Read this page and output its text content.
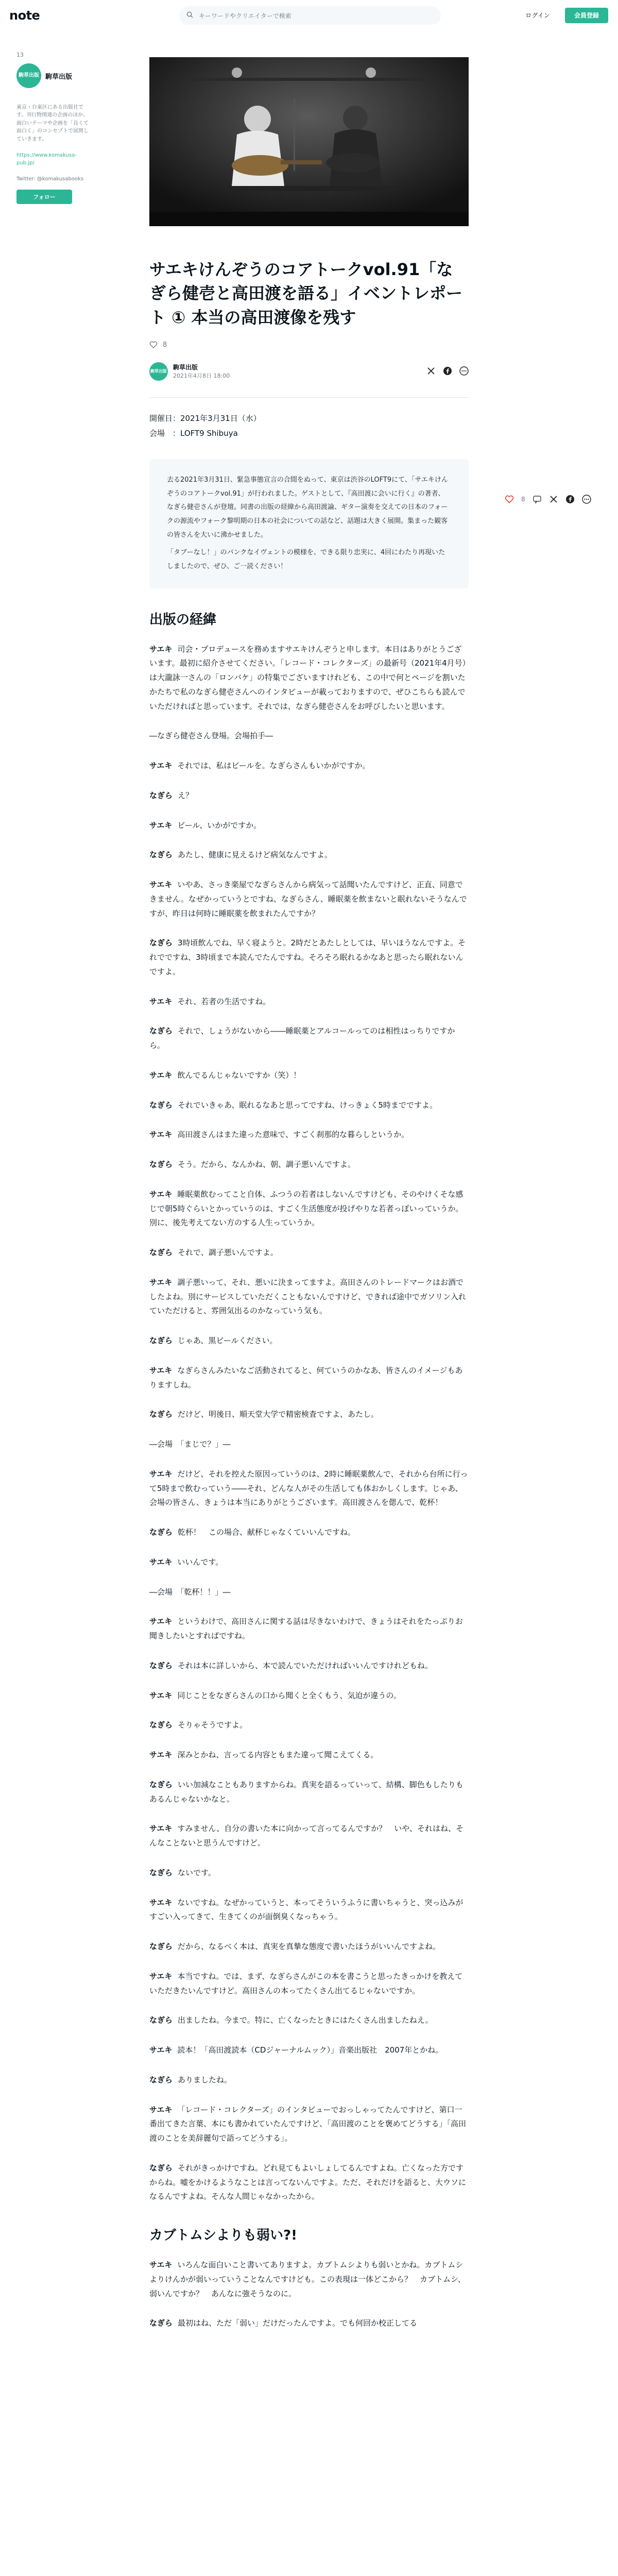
note	キーワードやクリエイターで検索	ログイン	会員登録
13
駒草出版 駒草出版

東京・台東区にある出版社です。刊行物関連の企画のほか、面白いテーマや企画を「良くて面白く」のコンセプトで展開していきます。

https://www.komakusa-pub.jp/

Twitter: @komakusabooks

フォロー
サエキけんぞうのコアトークvol.91「なぎら健壱と高田渡を語る」イベントレポート ① 本当の高田渡像を残す
8
駒草出版
駒草出版
2021年4月8日 18:00

開催日：2021年3月31日（水）

会場　：LOFT9 Shibuya

去る2021年3月31日、緊急事態宣言の合間をぬって、東京は渋谷のLOFT9にて、「サエキけんぞうのコアトークvol.91」が行われました。ゲストとして、『高田渡に会いに行く』の著者、なぎら健壱さんが登壇。同書の出版の経緯から高田渡論、ギター演奏を交えての日本のフォークの源流やフォーク黎明期の日本の社会についての話など、話題は大きく展開。集まった観客の皆さんを大いに沸かせました。

「タブーなし！」のパンクなイヴェントの模様を、できる限り忠実に、4回にわたり再現いたしましたので、ぜひ、ご一読ください！

出版の経緯

サエキ 司会・プロデュースを務めますサエキけんぞうと申します。本日はありがとうございます。最初に紹介させてください。「レコード・コレクターズ」の最新号（2021年4月号）は大瀧詠一さんの「ロンバケ」の特集でございますけれども、この中で何とページを割いたかたちで私のなぎら健壱さんへのインタビューが載っておりますので、ぜひこちらも読んでいただければと思っています。それでは、なぎら健壱さんをお呼びしたいと思います。

―なぎら健壱さん登場。会場拍手―

サエキ それでは、私はビールを。なぎらさんもいかがですか。

なぎら え？

サエキ ビール、いかがですか。

なぎら あたし、健康に見えるけど病気なんですよ。

サエキ いやあ、さっき楽屋でなぎらさんから病気って話聞いたんですけど、正直、同意できません。なぜかっていうとですね、なぎらさん、睡眠薬を飲まないと眠れないそうなんですが、昨日は何時に睡眠薬を飲まれたんですか？

なぎら 3時頃飲んでね、早く寝ようと。2時だとあたしとしては、早いほうなんですよ。それでですね、3時頃まで本読んでたんですね。そろそろ眠れるかなあと思ったら眠れないんですよ。

サエキ それ、若者の生活ですね。

なぎら それで、しょうがないから――睡眠薬とアルコールってのは相性はっちりですから。

サエキ 飲んでるんじゃないですか（笑）！

なぎら それでいきゃあ、眠れるなあと思ってですね、けっきょく5時までですよ。

サエキ 高田渡さんはまた違った意味で、すごく刹那的な暮らしというか。

なぎら そう。だから、なんかね、朝、調子悪いんですよ。

サエキ 睡眠薬飲むってこと自体、ふつうの若者はしないんですけども、そのやけくそな感じで朝5時ぐらいとかっていうのは、すごく生活態度が投げやりな若者っぽいっていうか。別に、後先考えてない方のする人生っていうか。

なぎら それで、調子悪いんですよ。

サエキ 調子悪いって、それ、悪いに決まってますよ。高田さんのトレードマークはお酒でしたよね。別にサービスしていただくこともないんですけど、できれば途中でガソリン入れていただけると、雰囲気出るのかなっていう気も。

なぎら じゃあ、黒ビールください。

サエキ なぎらさんみたいなご活動されてると、何ていうのかなあ、皆さんのイメージもありますしね。

なぎら だけど、明後日、順天堂大学で精密検査ですよ、あたし。

―会場　「まじで？」―

サエキ だけど、それを控えた原因っていうのは、2時に睡眠薬飲んで、それから台所に行って5時まで飲むっていう――それ、どんな人がその生活しても体おかしくします。じゃあ、会場の皆さん、きょうは本当にありがとうございます。高田渡さんを偲んで、乾杯！

なぎら 乾杯！　この場合、献杯じゃなくていいんですね。

サエキ いいんです。

―会場　「乾杯！！」―

サエキ というわけで、高田さんに関する話は尽きないわけで、きょうはそれをたっぷりお聞きしたいとすればですね。

なぎら それは本に詳しいから、本で読んでいただければいいんですけれどもね。

サエキ 同じことをなぎらさんの口から聞くと全くもう、気迫が違うの。

なぎら そりゃそうですよ。

サエキ 深みとかね、言ってる内容ともまた違って聞こえてくる。

なぎら いい加減なこともありますからね。真実を語るっていって、結構、脚色もしたりもあるんじゃないかなと。

サエキ すみません、自分の書いた本に向かって言ってるんですか？　いや、それはね、そんなことないと思うんですけど。

なぎら ないです。

サエキ ないですね。なぜかっていうと、本ってそういうふうに書いちゃうと、突っ込みがすごい入ってきて、生きてくのが面倒臭くなっちゃう。

なぎら だから、なるべく本は、真実を真摯な態度で書いたほうがいいんですよね。

サエキ 本当ですね。では、まず、なぎらさんがこの本を書こうと思ったきっかけを教えていただきたいんですけど。高田さんの本ってたくさん出てるじゃないですか。

なぎら 出ましたね。今まで。特に、亡くなったときにはたくさん出ましたねえ。

サエキ 読本！「高田渡読本（CDジャーナルムック）」音楽出版社　2007年とかね。

なぎら ありましたね。

サエキ 「レコード・コレクターズ」のインタビューでおっしゃってたんですけど、第口一番出てきた言葉、本にも書かれていたんですけど、「高田渡のことを褒めてどうする」「高田渡のことを美辞麗句で語ってどうする」。

なぎら それがきっかけですね。どれ見てもよいしょしてるんですよね。亡くなった方ですからね。嘘をかけるようなことは言ってないんですよ。ただ、それだけを語ると、大ウソになるんですよね。そんな人間じゃなかったから。

カブトムシよりも弱い?!

サエキ いろんな面白いこと書いてありますよ。カブトムシよりも弱いとかね。カブトムシよりけんかが弱いっていうことなんですけども。この表現は一体どこから？　カブトムシ、弱いんですか？　あんなに強そうなのに。

なぎら 最初はね、ただ「弱い」だけだったんですよ。でも何回か校正してる

8
